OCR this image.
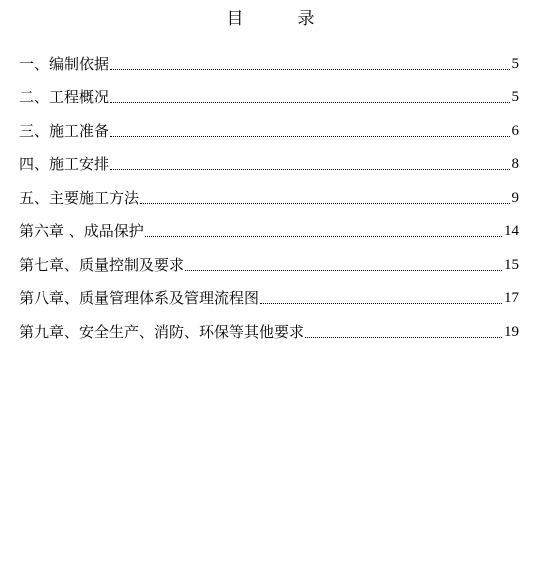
目	录
一、编制依据	5
二、工程概况	5
三、施工准备	6
四、施工安排	8
五、主要施工方法	9
第六章 、成品保护	14
第七章、质量控制及要求	15
第八章、质量管理体系及管理流程图	17
第九章、安全生产、消防、环保等其他要求	19
